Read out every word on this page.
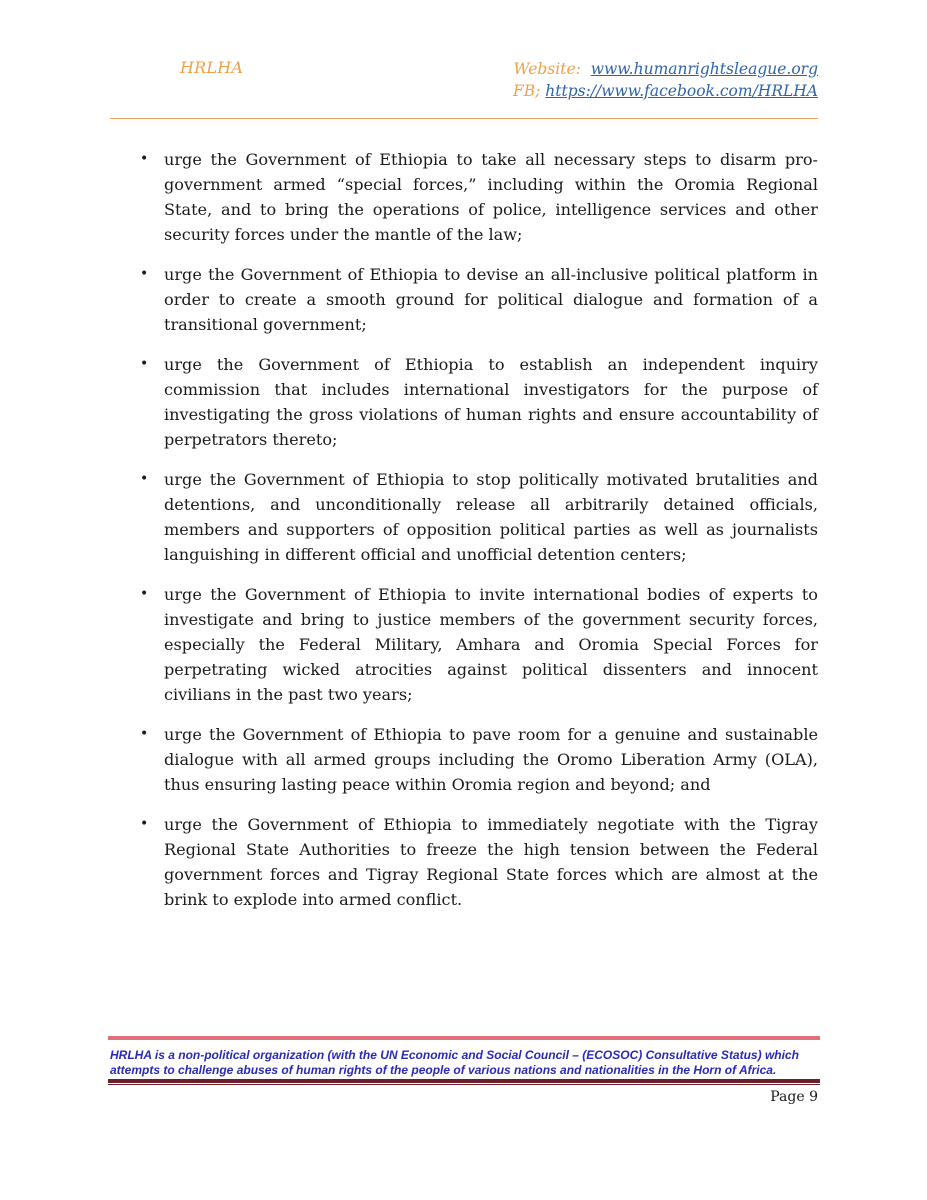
HRLHA	Website: www.humanrightsleague.org
FB; https://www.facebook.com/HRLHA
• urge the Government of Ethiopia to take all necessary steps to disarm pro-government armed “special forces,” including within the Oromia Regional State, and to bring the operations of police, intelligence services and other security forces under the mantle of the law;
• urge the Government of Ethiopia to devise an all-inclusive political platform in order to create a smooth ground for political dialogue and formation of a transitional government;
• urge the Government of Ethiopia to establish an independent inquiry commission that includes international investigators for the purpose of investigating the gross violations of human rights and ensure accountability of perpetrators thereto;
• urge the Government of Ethiopia to stop politically motivated brutalities and detentions, and unconditionally release all arbitrarily detained officials, members and supporters of opposition political parties as well as journalists languishing in different official and unofficial detention centers;
• urge the Government of Ethiopia to invite international bodies of experts to investigate and bring to justice members of the government security forces, especially the Federal Military, Amhara and Oromia Special Forces for perpetrating wicked atrocities against political dissenters and innocent civilians in the past two years;
• urge the Government of Ethiopia to pave room for a genuine and sustainable dialogue with all armed groups including the Oromo Liberation Army (OLA), thus ensuring lasting peace within Oromia region and beyond; and
• urge the Government of Ethiopia to immediately negotiate with the Tigray Regional State Authorities to freeze the high tension between the Federal government forces and Tigray Regional State forces which are almost at the brink to explode into armed conflict.
HRLHA is a non-political organization (with the UN Economic and Social Council – (ECOSOC) Consultative Status) which attempts to challenge abuses of human rights of the people of various nations and nationalities in the Horn of Africa.
Page 9
